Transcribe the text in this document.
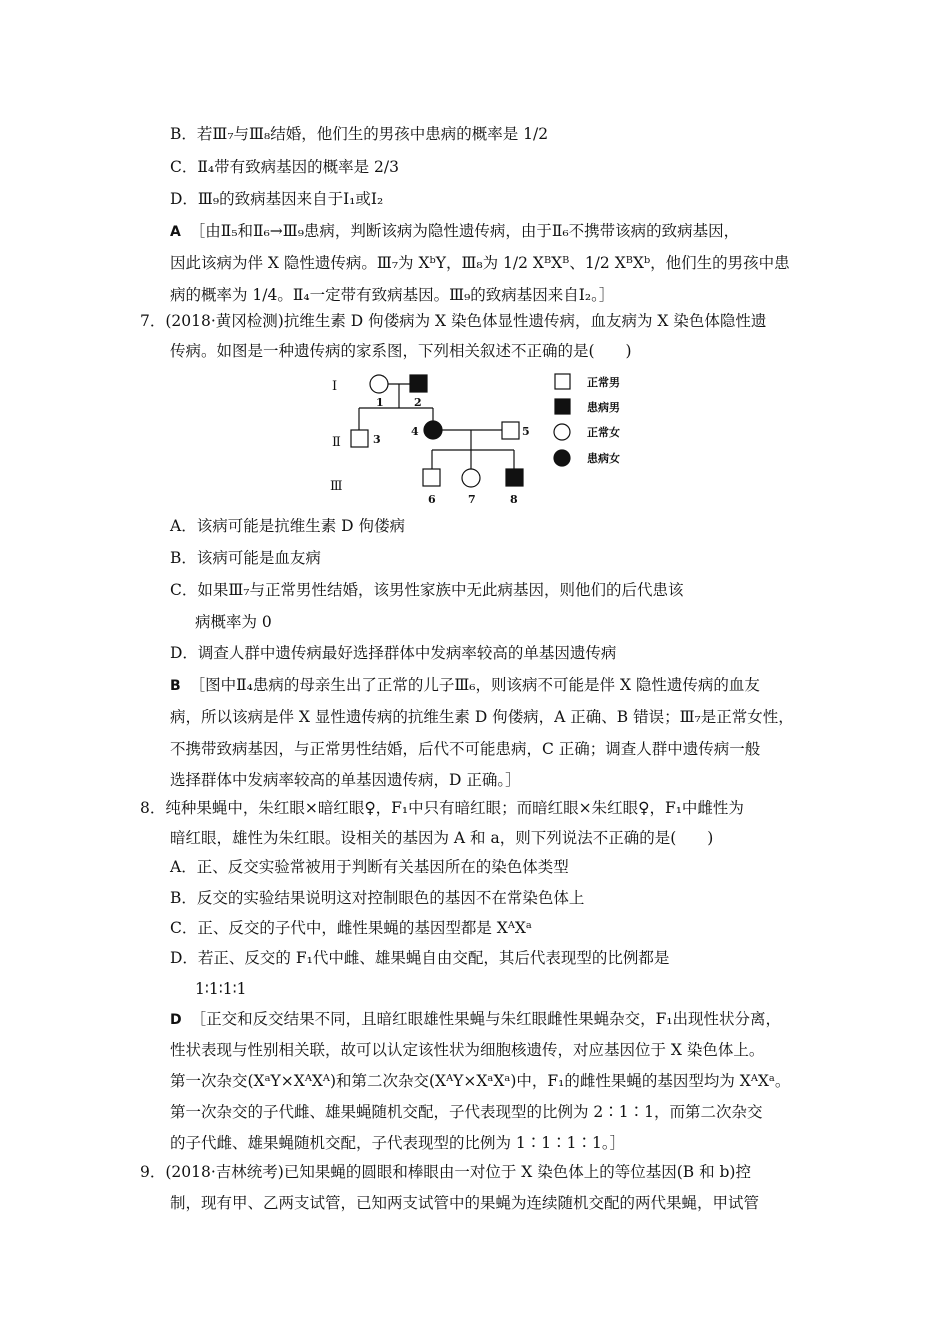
B．若Ⅲ₇与Ⅲ₈结婚，他们生的男孩中患病的概率是 1/2
C．Ⅱ₄带有致病基因的概率是 2/3
D．Ⅲ₉的致病基因来自于Ⅰ₁或Ⅰ₂
A ［由Ⅱ₅和Ⅱ₆→Ⅲ₉患病，判断该病为隐性遗传病，由于Ⅱ₆不携带该病的致病基因，
因此该病为伴 X 隐性遗传病。Ⅲ₇为 XᵇY，Ⅲ₈为 1/2 XᴮXᴮ、1/2 XᴮXᵇ，他们生的男孩中患
病的概率为 1/4。Ⅱ₄一定带有致病基因。Ⅲ₉的致病基因来自Ⅰ₂。］
7．(2018·黄冈检测)抗维生素 D 佝偻病为 X 染色体显性遗传病，血友病为 X 染色体隐性遗
传病。如图是一种遗传病的家系图，下列相关叙述不正确的是(　　)
Ⅰ
Ⅱ
Ⅲ
1	2
3
4	5
6	7	8
正常男
患病男
正常女
患病女
A．该病可能是抗维生素 D 佝偻病
B．该病可能是血友病
C．如果Ⅲ₇与正常男性结婚，该男性家族中无此病基因，则他们的后代患该
病概率为 0
D．调查人群中遗传病最好选择群体中发病率较高的单基因遗传病
B ［图中Ⅱ₄患病的母亲生出了正常的儿子Ⅲ₆，则该病不可能是伴 X 隐性遗传病的血友
病，所以该病是伴 X 显性遗传病的抗维生素 D 佝偻病，A 正确、B 错误；Ⅲ₇是正常女性，
不携带致病基因，与正常男性结婚，后代不可能患病，C 正确；调查人群中遗传病一般
选择群体中发病率较高的单基因遗传病，D 正确。］
8．纯种果蝇中，朱红眼×暗红眼♀，F₁中只有暗红眼；而暗红眼×朱红眼♀，F₁中雌性为
暗红眼，雄性为朱红眼。设相关的基因为 A 和 a，则下列说法不正确的是(　　)
A．正、反交实验常被用于判断有关基因所在的染色体类型
B．反交的实验结果说明这对控制眼色的基因不在常染色体上
C．正、反交的子代中，雌性果蝇的基因型都是 XᴬXᵃ
D．若正、反交的 F₁代中雌、雄果蝇自由交配，其后代表现型的比例都是
1∶1∶1∶1
D ［正交和反交结果不同，且暗红眼雄性果蝇与朱红眼雌性果蝇杂交，F₁出现性状分离，
性状表现与性别相关联，故可以认定该性状为细胞核遗传，对应基因位于 X 染色体上。
第一次杂交(XᵃY×XᴬXᴬ)和第二次杂交(XᴬY×XᵃXᵃ)中，F₁的雌性果蝇的基因型均为 XᴬXᵃ。
第一次杂交的子代雌、雄果蝇随机交配，子代表现型的比例为 2∶1∶1，而第二次杂交
的子代雌、雄果蝇随机交配，子代表现型的比例为 1∶1∶1∶1。］
9．(2018·吉林统考)已知果蝇的圆眼和棒眼由一对位于 X 染色体上的等位基因(B 和 b)控
制，现有甲、乙两支试管，已知两支试管中的果蝇为连续随机交配的两代果蝇，甲试管
